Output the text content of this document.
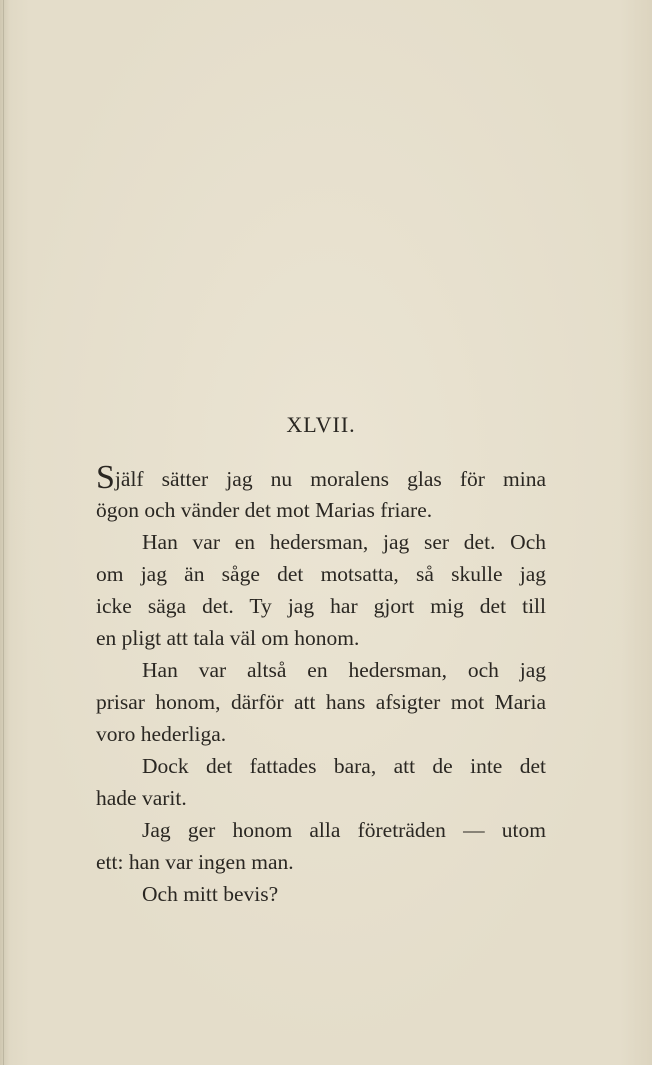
XLVII.
Själf sätter jag nu moralens glas för mina
ögon och vänder det mot Marias friare.
Han var en hedersman, jag ser det. Och
om jag än såge det motsatta, så skulle jag
icke säga det. Ty jag har gjort mig det till
en pligt att tala väl om honom.
Han var altså en hedersman, och jag
prisar honom, därför att hans afsigter mot Maria
voro hederliga.
Dock det fattades bara, att de inte det
hade varit.
Jag ger honom alla företräden — utom
ett: han var ingen man.
Och mitt bevis?
